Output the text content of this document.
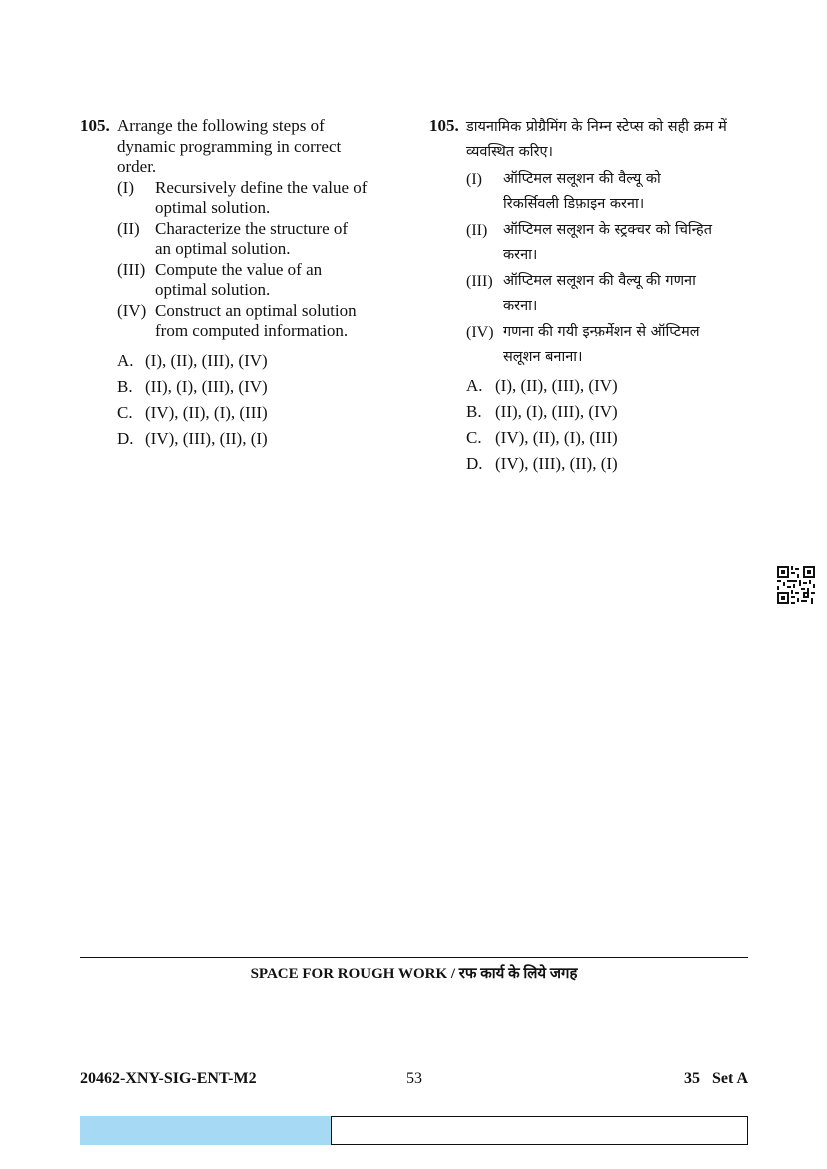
105. Arrange the following steps of dynamic programming in correct order.
(I)	Recursively define the value of optimal solution.
(II) Characterize the structure of an optimal solution.
(III) Compute the value of an optimal solution.
(IV) Construct an optimal solution from computed information.
A. (I), (II), (III), (IV)
B. (II), (I), (III), (IV)
C. (IV), (II), (I), (III)
D. (IV), (III), (II), (I)
105. डायनामिक प्रोग्रैमिंग के निम्न स्टेप्स को सही क्रम में व्यवस्थित करिए।
(I)	ऑप्टिमल सलूशन की वैल्यू को रिकर्सिवली डिफ़ाइन करना।
(II)	ऑप्टिमल सलूशन के स्ट्रक्चर को चिन्हित करना।
(III) ऑप्टिमल सलूशन की वैल्यू की गणना करना।
(IV) गणना की गयी इन्फ़र्मेशन से ऑप्टिमल सलूशन बनाना।
A. (I), (II), (III), (IV)
B. (II), (I), (III), (IV)
C. (IV), (II), (I), (III)
D. (IV), (III), (II), (I)
SPACE FOR ROUGH WORK / रफ कार्य के लिये जगह
20462-XNY-SIG-ENT-M2	53	35   Set A
